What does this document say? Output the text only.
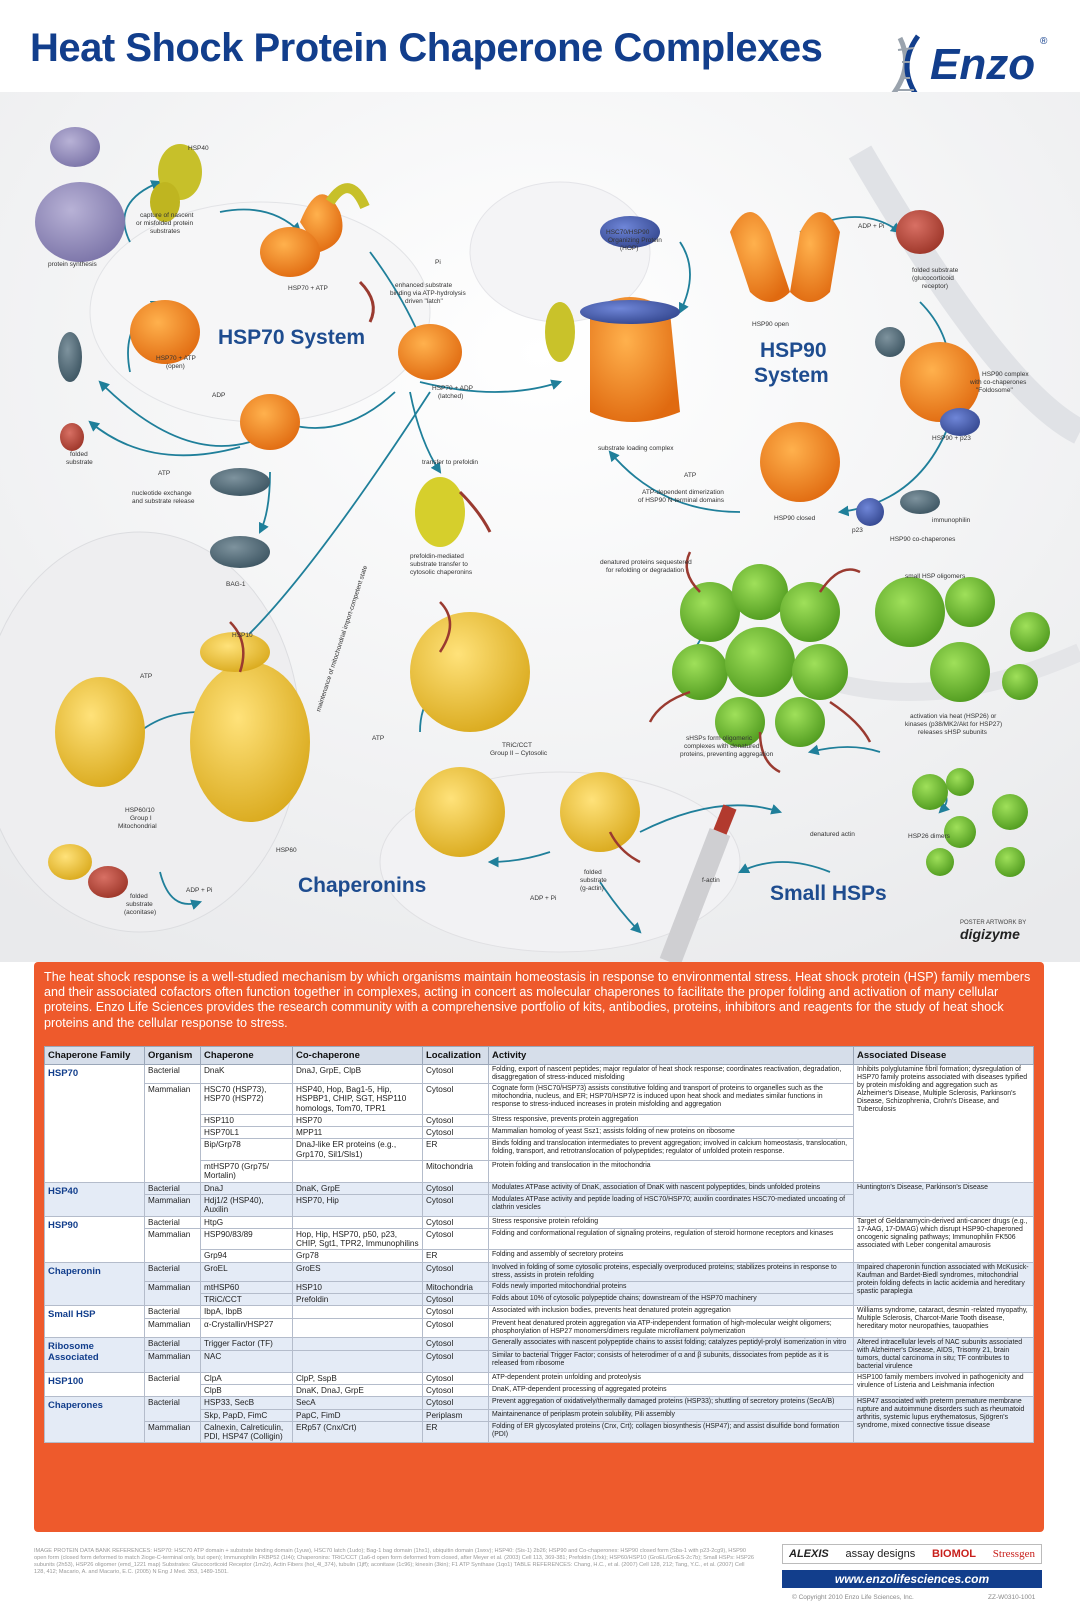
Heat Shock Protein Chaperone Complexes Enzo ®
HSP70 System
HSP90
System
Chaperonins	Small HSPs
HSP40
capture of nascent
or misfolded protein
substrates
protein synthesis
HSP70 + ATP
Pi
enhanced substrate
binding via ATP-hydrolysis
driven "latch"
HSP70 + ATP
(open)
ADP
HSP70 + ADP
(latched)
folded
substrate
ATP
nucleotide exchange
and substrate release
BAG-1
transfer to prefoldin
prefoldin-mediated
substrate transfer to
cytosolic chaperonins
maintenance of mitochondrial import-competent state
HSC70/HSP90
Organizing Protein
(HOP)
ADP + Pi
folded substrate
(glucocorticoid
receptor)
HSP90 open
HSP90 complex
with co-chaperones
"Foldosome"
substrate loading complex
HSP90 + p23
ATP-dependent dimerization
of HSP90 N-terminal domains
ATP
HSP90 closed
p23
immunophilin
HSP90 co-chaperones
denatured proteins sequestered
for refolding or degradation
small HSP oligomers
sHSPs form oligomeric
complexes with denatured
proteins, preventing aggregation
activation via heat (HSP26) or
kinases (p38/MK2/Akt for HSP27)
releases sHSP subunits
HSP26 dimers
denatured actin
f-actin
HSP10
ATP
ATP
TRiC/CCT
Group II – Cytosolic
HSP60/10
Group I
Mitochondrial
HSP60
folded
substrate
(g-actin)
ADP + Pi
ADP + Pi
folded
substrate
(aconitase)
POSTER ARTWORK BY
digizyme
The heat shock response is a well-studied mechanism by which organisms maintain homeostasis in response to environmental stress. Heat shock protein (HSP) family members and their associated cofactors often function together in complexes, acting in concert as molecular chaperones to facilitate the proper folding and activation of many cellular proteins. Enzo Life Sciences provides the research community with a comprehensive portfolio of kits, antibodies, proteins, inhibitors and reagents for the study of heat shock proteins and the cellular response to stress.
Chaperone Family	Organism	Chaperone	Co-chaperone	Localization	Activity	Associated Disease
HSP70	Bacterial	DnaK	DnaJ, GrpE, ClpB	Cytosol	Folding, export of nascent peptides; major regulator of heat shock response; coordinates reactivation, degradation, disaggregation of stress-induced misfolding	Inhibits polyglutamine fibril formation; dysregulation of HSP70 family proteins associated with diseases typified by protein misfolding and aggregation such as Alzheimer's Disease, Multiple Sclerosis, Parkinson's Disease, Schizophrenia, Crohn's Disease, and Tuberculosis
	Mammalian	HSC70 (HSP73), HSP70 (HSP72)	HSP40, Hop, Bag1-5, Hip, HSPBP1, CHIP, SGT, HSP110 homologs, Tom70, TPR1	Cytosol	Cognate form (HSC70/HSP73) assists constitutive folding and transport of proteins to organelles such as the mitochondria, nucleus, and ER; HSP70/HSP72 is induced upon heat shock and mediates similar functions in response to stress-induced increases in protein misfolding and aggregation	
		HSP110	HSP70	Cytosol	Stress responsive, prevents protein aggregation	
		HSP70L1	MPP11	Cytosol	Mammalian homolog of yeast Ssz1; assists folding of new proteins on ribosome	
		Bip/Grp78	DnaJ-like ER proteins (e.g., Grp170, Sil1/Sls1)	ER	Binds folding and translocation intermediates to prevent aggregation; involved in calcium homeostasis, translocation, folding, transport, and retrotranslocation of polypeptides; regulator of unfolded protein response.	
		mtHSP70 (Grp75/ Mortalin)		Mitochondria	Protein folding and translocation in the mitochondria	
HSP40	Bacterial	DnaJ	DnaK, GrpE	Cytosol	Modulates ATPase activity of DnaK, association of DnaK with nascent polypeptides, binds unfolded proteins	Huntington's Disease, Parkinson's Disease
	Mammalian	Hdj1/2 (HSP40), Auxilin	HSP70, Hip	Cytosol	Modulates ATPase activity and peptide loading of HSC70/HSP70; auxilin coordinates HSC70-mediated uncoating of clathrin vesicles	
HSP90	Bacterial	HtpG		Cytosol	Stress responsive protein refolding	Target of Geldanamycin-derived anti-cancer drugs (e.g., 17-AAG, 17-DMAG) which disrupt HSP90-chaperoned oncogenic signaling pathways; Immunophilin FK506 associated with Leber congenital amaurosis
	Mammalian	HSP90/83/89	Hop, Hip, HSP70, p50, p23, CHIP, Sgt1, TPR2, Immunophilins	Cytosol	Folding and conformational regulation of signaling proteins, regulation of steroid hormone receptors and kinases	
		Grp94	Grp78	ER	Folding and assembly of secretory proteins	
Chaperonin	Bacterial	GroEL	GroES	Cytosol	Involved in folding of some cytosolic proteins, especially overproduced proteins; stabilizes proteins in response to stress, assists in protein refolding	Impaired chaperonin function associated with McKusick-Kaufman and Bardet-Biedl syndromes, mitochondrial protein folding defects in lactic acidemia and hereditary spastic paraplegia
	Mammalian	mtHSP60	HSP10	Mitochondria	Folds newly imported mitochondrial proteins	
		TRiC/CCT	Prefoldin	Cytosol	Folds about 10% of cytosolic polypeptide chains; downstream of the HSP70 machinery	
Small HSP	Bacterial	IbpA, IbpB		Cytosol	Associated with inclusion bodies, prevents heat denatured protein aggregation	Williams syndrome, cataract, desmin -related myopathy, Multiple Sclerosis, Charcot-Marie Tooth disease, hereditary motor neuropathies, tauopathies
	Mammalian	α-Crystallin/HSP27		Cytosol	Prevent heat denatured protein aggregation via ATP-independent formation of high-molecular weight oligomers; phosphorylation of HSP27 monomers/dimers regulate microfilament polymerization	
Ribosome Associated	Bacterial	Trigger Factor (TF)		Cytosol	Generally associates with nascent polypeptide chains to assist folding; catalyzes peptidyl-prolyl isomerization in vitro	Altered intracellular levels of NAC subunits associated with Alzheimer's Disease, AIDS, Trisomy 21, brain tumors, ductal carcinoma in situ; TF contributes to bacterial virulence
	Mammalian	NAC		Cytosol	Similar to bacterial Trigger Factor; consists of heterodimer of α and β subunits, dissociates from peptide as it is released from ribosome	
HSP100	Bacterial	ClpA	ClpP, SspB	Cytosol	ATP-dependent protein unfolding and proteolysis	HSP100 family members involved in pathogenicity and virulence of Listeria and Leishmania infection
		ClpB	DnaK, DnaJ, GrpE	Cytosol	DnaK, ATP-dependent processing of aggregated proteins	
Chaperones	Bacterial	HSP33, SecB	SecA	Cytosol	Prevent aggregation of oxidatively/thermally damaged proteins (HSP33); shuttling of secretory proteins (SecA/B)	HSP47 associated with preterm premature membrane rupture and autoimmune disorders such as rheumatoid arthritis, systemic lupus erythematosus, Sjögren's syndrome, mixed connective tissue disease
		Skp, PapD, FimC	PapC, FimD	Periplasm	Maintainenance of periplasm protein solubility, Pili assembly	
	Mammalian	Calnexin, Calreticulin, PDI, HSP47 (Colligin)	ERp57 (Cnx/Crt)	ER	Folding of ER glycosylated proteins (Cnx, Crt); collagen biosynthesis (HSP47); and assist disulfide bond formation (PDI)	
IMAGE PROTEIN DATA BANK REFERENCES: HSP70: HSC70 ATP domain + substrate binding domain (1yuw), HSC70 latch (1udo); Bag-1 bag domain (1hx1), ubiquitin domain (1wxv); HSP40: (Sis-1) 2b26; HSP90 and Co-chaperones: HSP90 closed form (Sba-1 with p23-2cg9), HSP90 open form (closed form deformed to match 2ioge-C-terminal only, but open); Immunophilin FKBP52 (1t4i); Chaperonins: TRiC/CCT (1a6-d open form deformed from closed, after Meyer et al. (2003) Cell 113, 369-381; Prefoldin (1fxk); HSP60/HSP10 (GroEL/GroES-2c7b); Small HSPs: HSP26 subunits (2h53), HSP26 oligomer (emd_1221 map) Substrates: Glucocorticoid Receptor (1m2z), Actin Fibers (hol_4l_374), tubulin (1jff); aconitase (1c96); kinesin (3kin); F1 ATP Synthase (1qo1) TABLE REFERENCES: Chang, H.C., et al. (2007) Cell 128, 212; Tang, Y.C., et al. (2007) Cell 128, 412; Macario, A. and Macario, E.C. (2005) N Eng J Med. 353, 1489-1501.
ALEXIS assay designs BIOMOL Stressgen
www.enzolifesciences.com
© Copyright 2010 Enzo Life Sciences, Inc.	ZZ-W0310-1001
